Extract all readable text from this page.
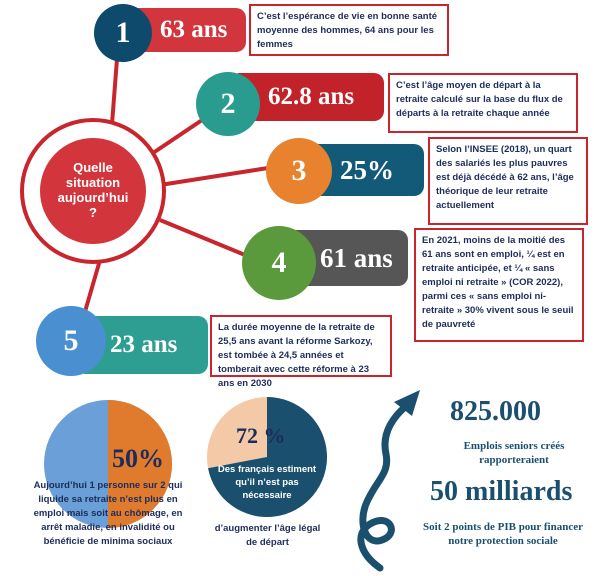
Quelle situation aujourd’hui ?
63 ans
1	C’est l’espérance de vie en bonne santé moyenne des hommes, 64 ans pour les femmes
62.8 ans
2
C’est l’âge moyen de départ à la retraite calculé sur la base du flux de départs à la retraite chaque année
25%
3
Selon l’INSEE (2018), un quart des salariés les plus pauvres est déjà décédé à 62 ans, l’âge théorique de leur retraite actuellement
61 ans
4
En 2021, moins de la moitié des 61 ans sont en emploi, ¼ est en retraite anticipée, et ¼ « sans emploi ni retraite » (COR 2022), parmi ces « sans emploi ni-retraite » 30% vivent sous le seuil de pauvreté
23 ans
5	La durée moyenne de la retraite de 25,5 ans avant la réforme Sarkozy, est tombée à 24,5 années et tomberait avec cette réforme à 23 ans en 2030
50%
Aujourd’hui 1 personne sur 2 qui liquide sa retraite n’est plus en emploi mais soit au chômage, en arrêt maladie, en invalidité ou bénéficie de minima sociaux
72 %
Des français estiment qu’il n’est pas nécessaire
d’augmenter l’âge légal de départ
825.000
Emplois seniors créés rapporteraient
50 milliards
Soit 2 points de PIB pour financer notre protection sociale
